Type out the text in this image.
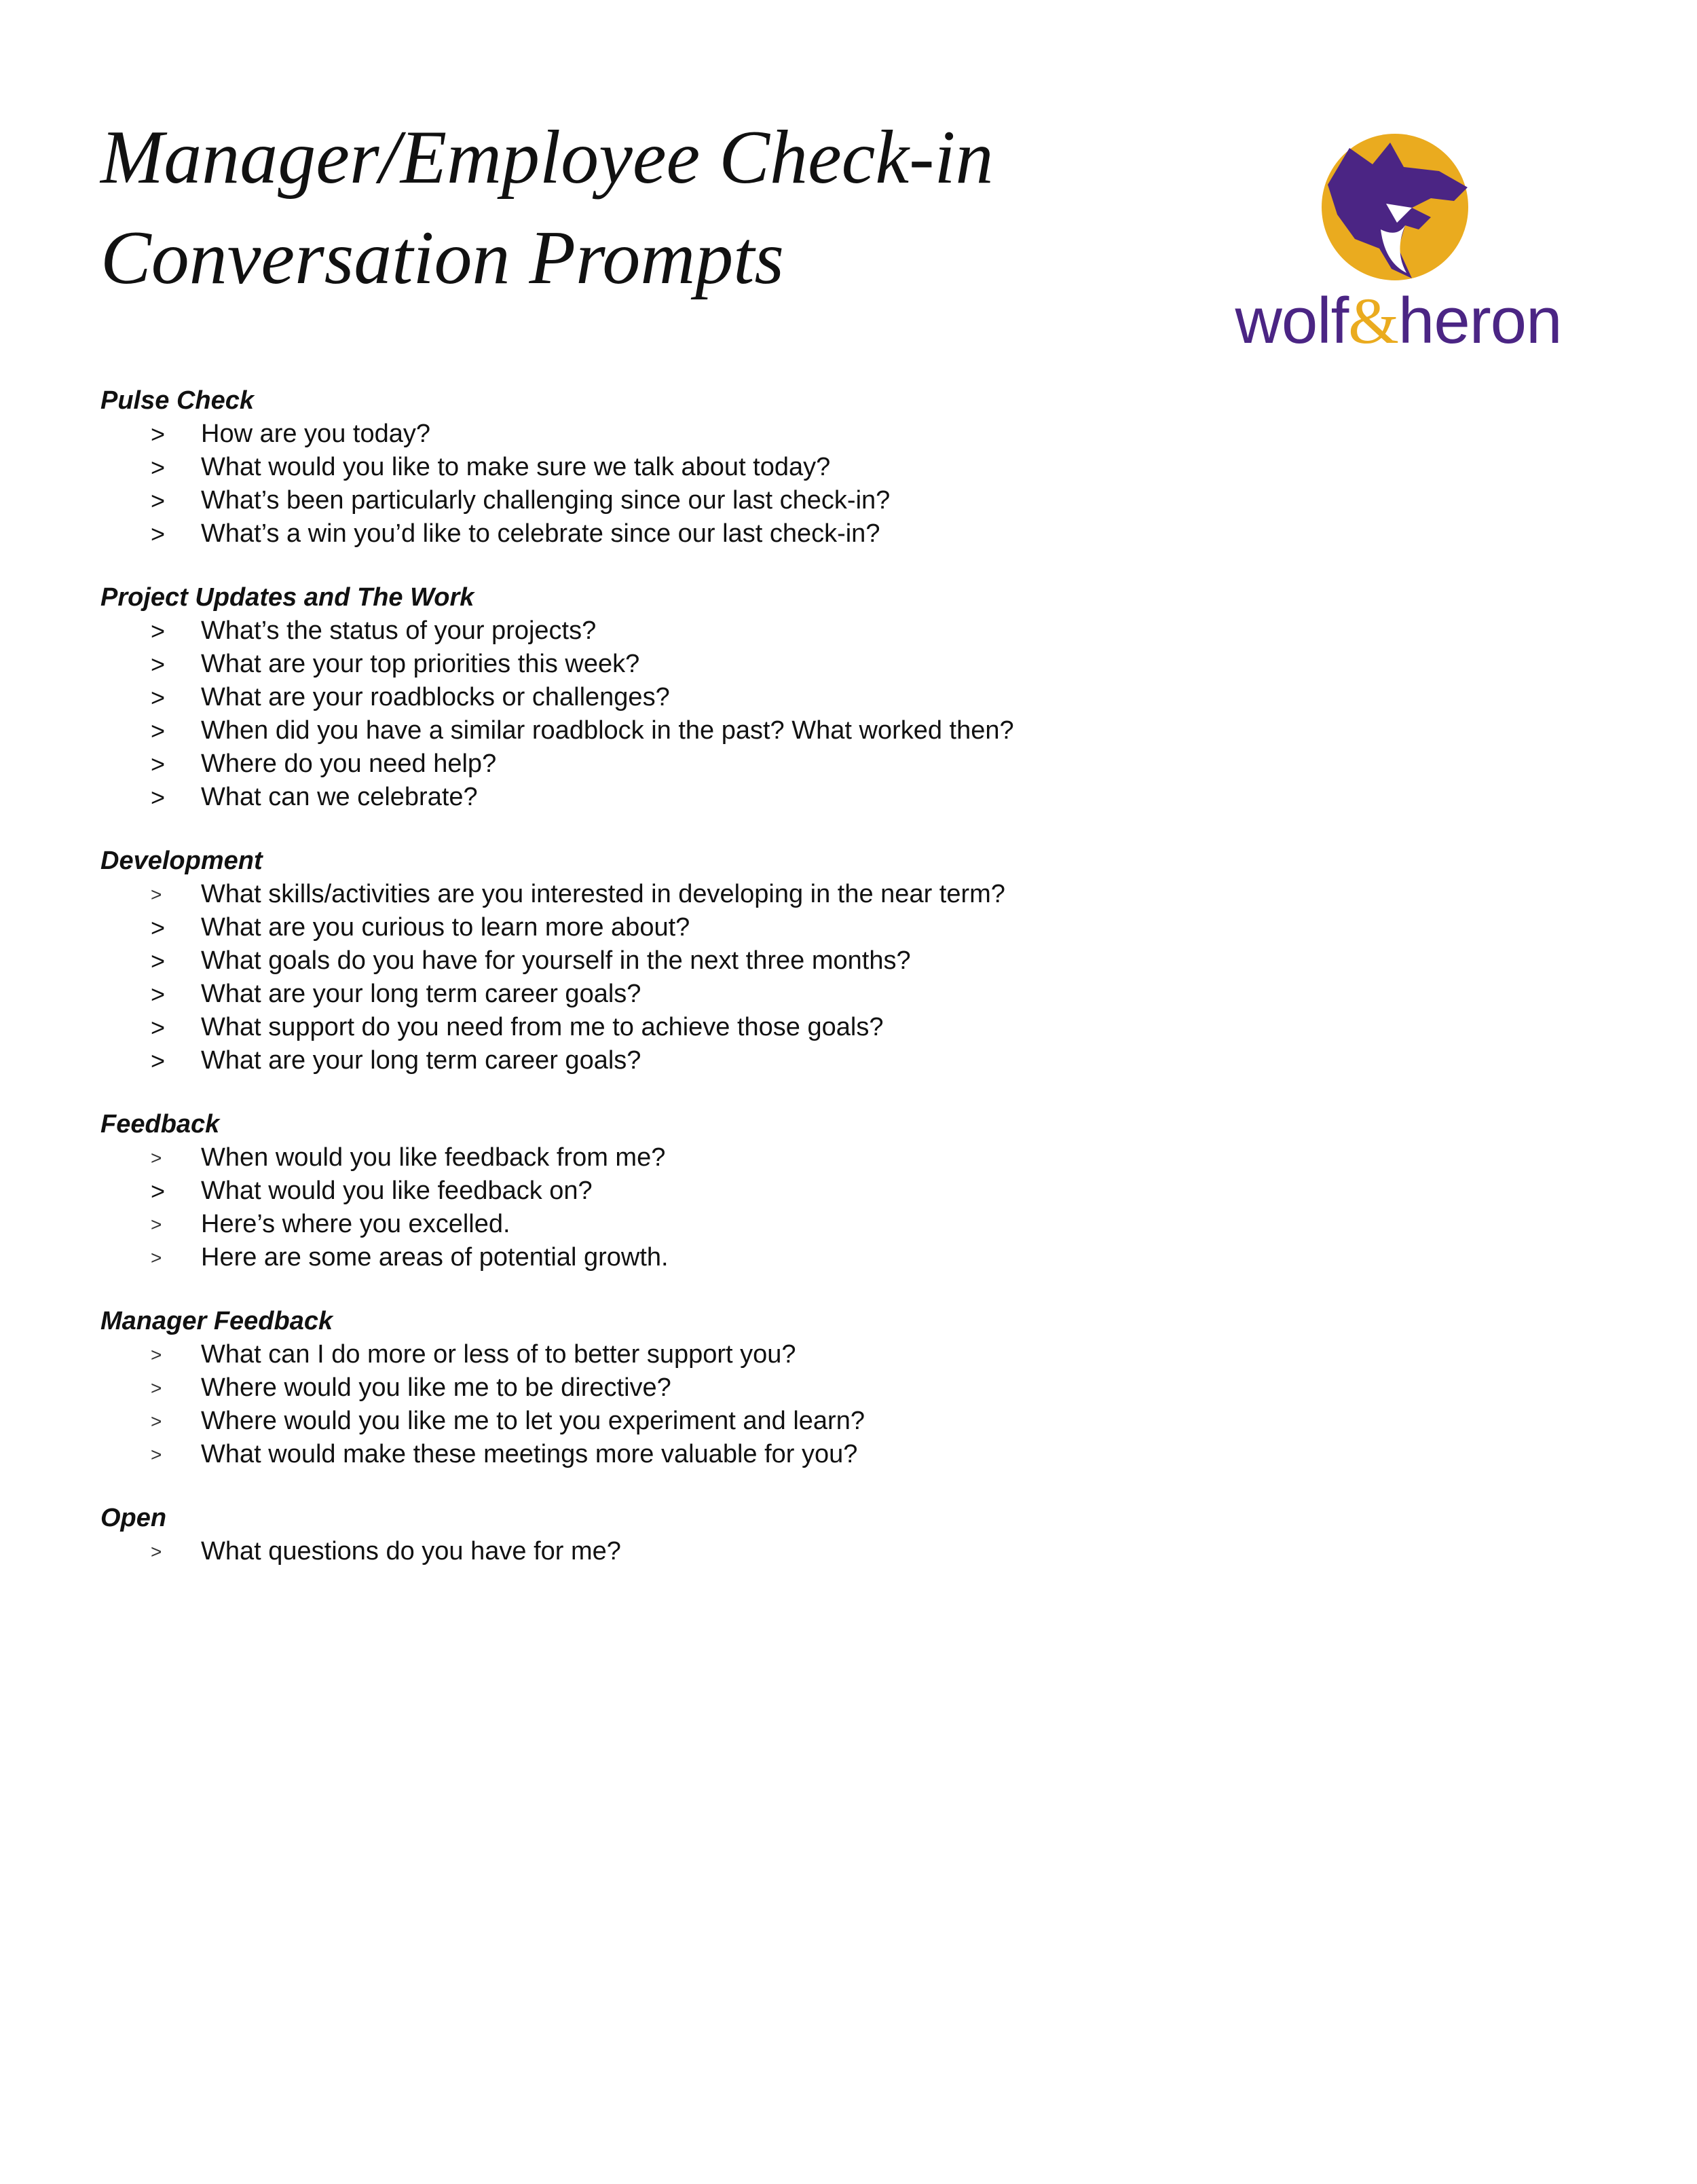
Manager/Employee Check-in
Conversation Prompts
wolf&heron
Pulse Check
> How are you today?
> What would you like to make sure we talk about today?
> What’s been particularly challenging since our last check-in?
> What’s a win you’d like to celebrate since our last check-in?
Project Updates and The Work
> What’s the status of your projects?
> What are your top priorities this week?
> What are your roadblocks or challenges?
> When did you have a similar roadblock in the past? What worked then?
> Where do you need help?
> What can we celebrate?
Development
> What skills/activities are you interested in developing in the near term?
> What are you curious to learn more about?
> What goals do you have for yourself in the next three months?
> What are your long term career goals?
> What support do you need from me to achieve those goals?
> What are your long term career goals?
Feedback
> When would you like feedback from me?
> What would you like feedback on?
> Here’s where you excelled.
> Here are some areas of potential growth.
Manager Feedback
> What can I do more or less of to better support you?
> Where would you like me to be directive?
> Where would you like me to let you experiment and learn?
> What would make these meetings more valuable for you?
Open
> What questions do you have for me?
